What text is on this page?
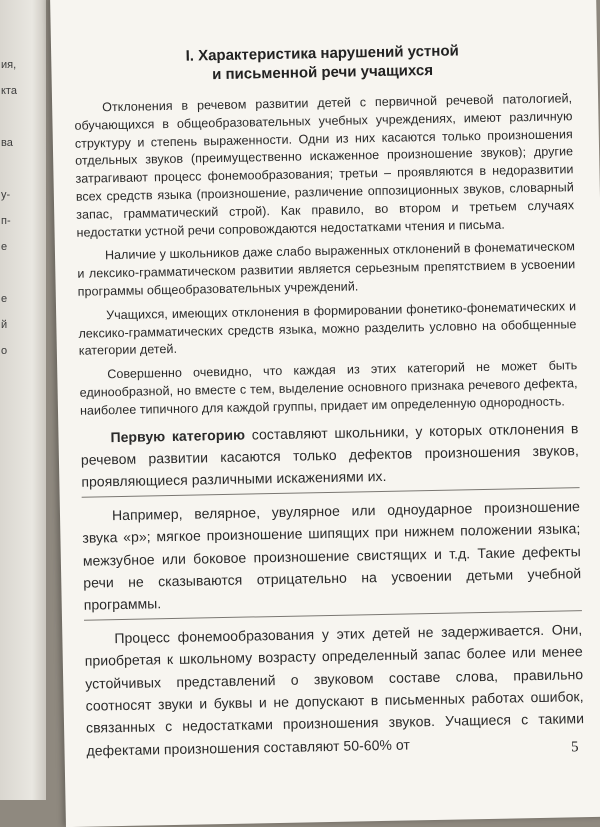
ия,
кта
ва
у-
п-
е
е
й
о
I. Характеристика нарушений устной
и письменной речи учащихся

Отклонения в речевом развитии детей с первичной речевой патологией, обучающихся в общеобразовательных учебных учреждениях, имеют различную структуру и степень выраженности. Одни из них касаются только произношения отдельных звуков (преимущественно искаженное произношение звуков); другие затрагивают процесс фонемообразования; третьи – проявляются в недоразвитии всех средств языка (произношение, различение оппозиционных звуков, словарный запас, грамматический строй). Как правило, во втором и третьем случаях недостатки устной речи сопровождаются недостатками чтения и письма.

Наличие у школьников даже слабо выраженных отклонений в фонематическом и лексико-грамматическом развитии является серьезным препятствием в усвоении программы общеобразовательных учреждений.

Учащихся, имеющих отклонения в формировании фонетико-фонематических и лексико-грамматических средств языка, можно разделить условно на обобщенные категории детей.

Совершенно очевидно, что каждая из этих категорий не может быть единообразной, но вместе с тем, выделение основного признака речевого дефекта, наиболее типичного для каждой группы, придает им определенную однородность.

Первую категорию составляют школьники, у которых отклонения в речевом развитии касаются только дефектов произношения звуков, проявляющиеся различными искажениями их.

Например, велярное, увулярное или одноударное произношение звука «р»; мягкое произношение шипящих при нижнем положении языка; межзубное или боковое произношение свистящих и т.д. Такие дефекты речи не сказываются отрицательно на усвоении детьми учебной программы.

Процесс фонемообразования у этих детей не задерживается. Они, приобретая к школьному возрасту определенный запас более или менее устойчивых представлений о звуковом составе слова, правильно соотносят звуки и буквы и не допускают в письменных работах ошибок, связанных с недостатками произношения звуков. Учащиеся с такими дефектами произношения составляют 50-60% от	5
